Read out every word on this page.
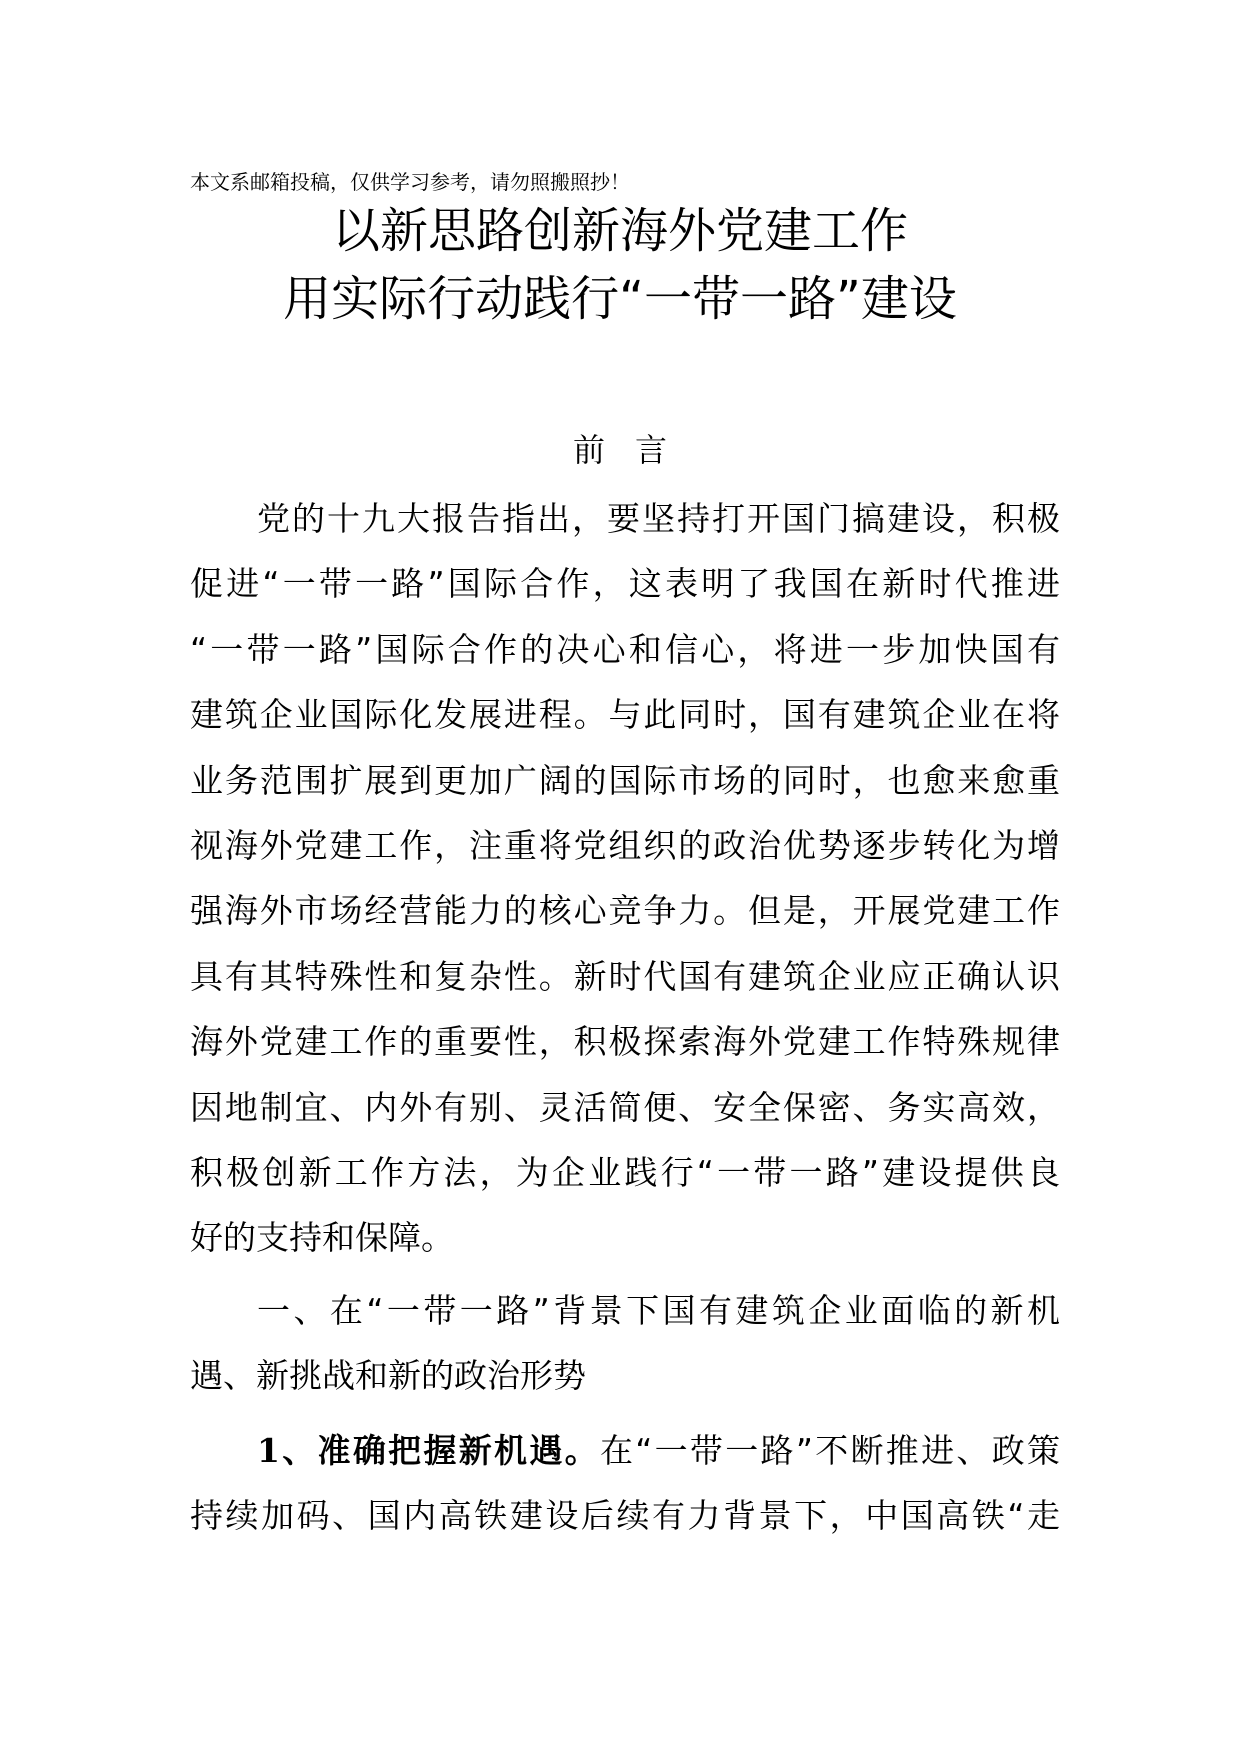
本文系邮箱投稿，仅供学习参考，请勿照搬照抄！
以新思路创新海外党建工作
用实际行动践行“一带一路”建设
前言
党的十九大报告指出，要坚持打开国门搞建设，积极
促进“一带一路”国际合作，这表明了我国在新时代推进
“一带一路”国际合作的决心和信心，将进一步加快国有
建筑企业国际化发展进程。与此同时，国有建筑企业在将
业务范围扩展到更加广阔的国际市场的同时，也愈来愈重
视海外党建工作，注重将党组织的政治优势逐步转化为增
强海外市场经营能力的核心竞争力。但是，开展党建工作
具有其特殊性和复杂性。新时代国有建筑企业应正确认识
海外党建工作的重要性，积极探索海外党建工作特殊规律
因地制宜、内外有别、灵活简便、安全保密、务实高效，
积极创新工作方法，为企业践行“一带一路”建设提供良
好的支持和保障。
一、在“一带一路”背景下国有建筑企业面临的新机
遇、新挑战和新的政治形势
1、准确把握新机遇。在“一带一路”不断推进、政策
持续加码、国内高铁建设后续有力背景下，中国高铁“走
